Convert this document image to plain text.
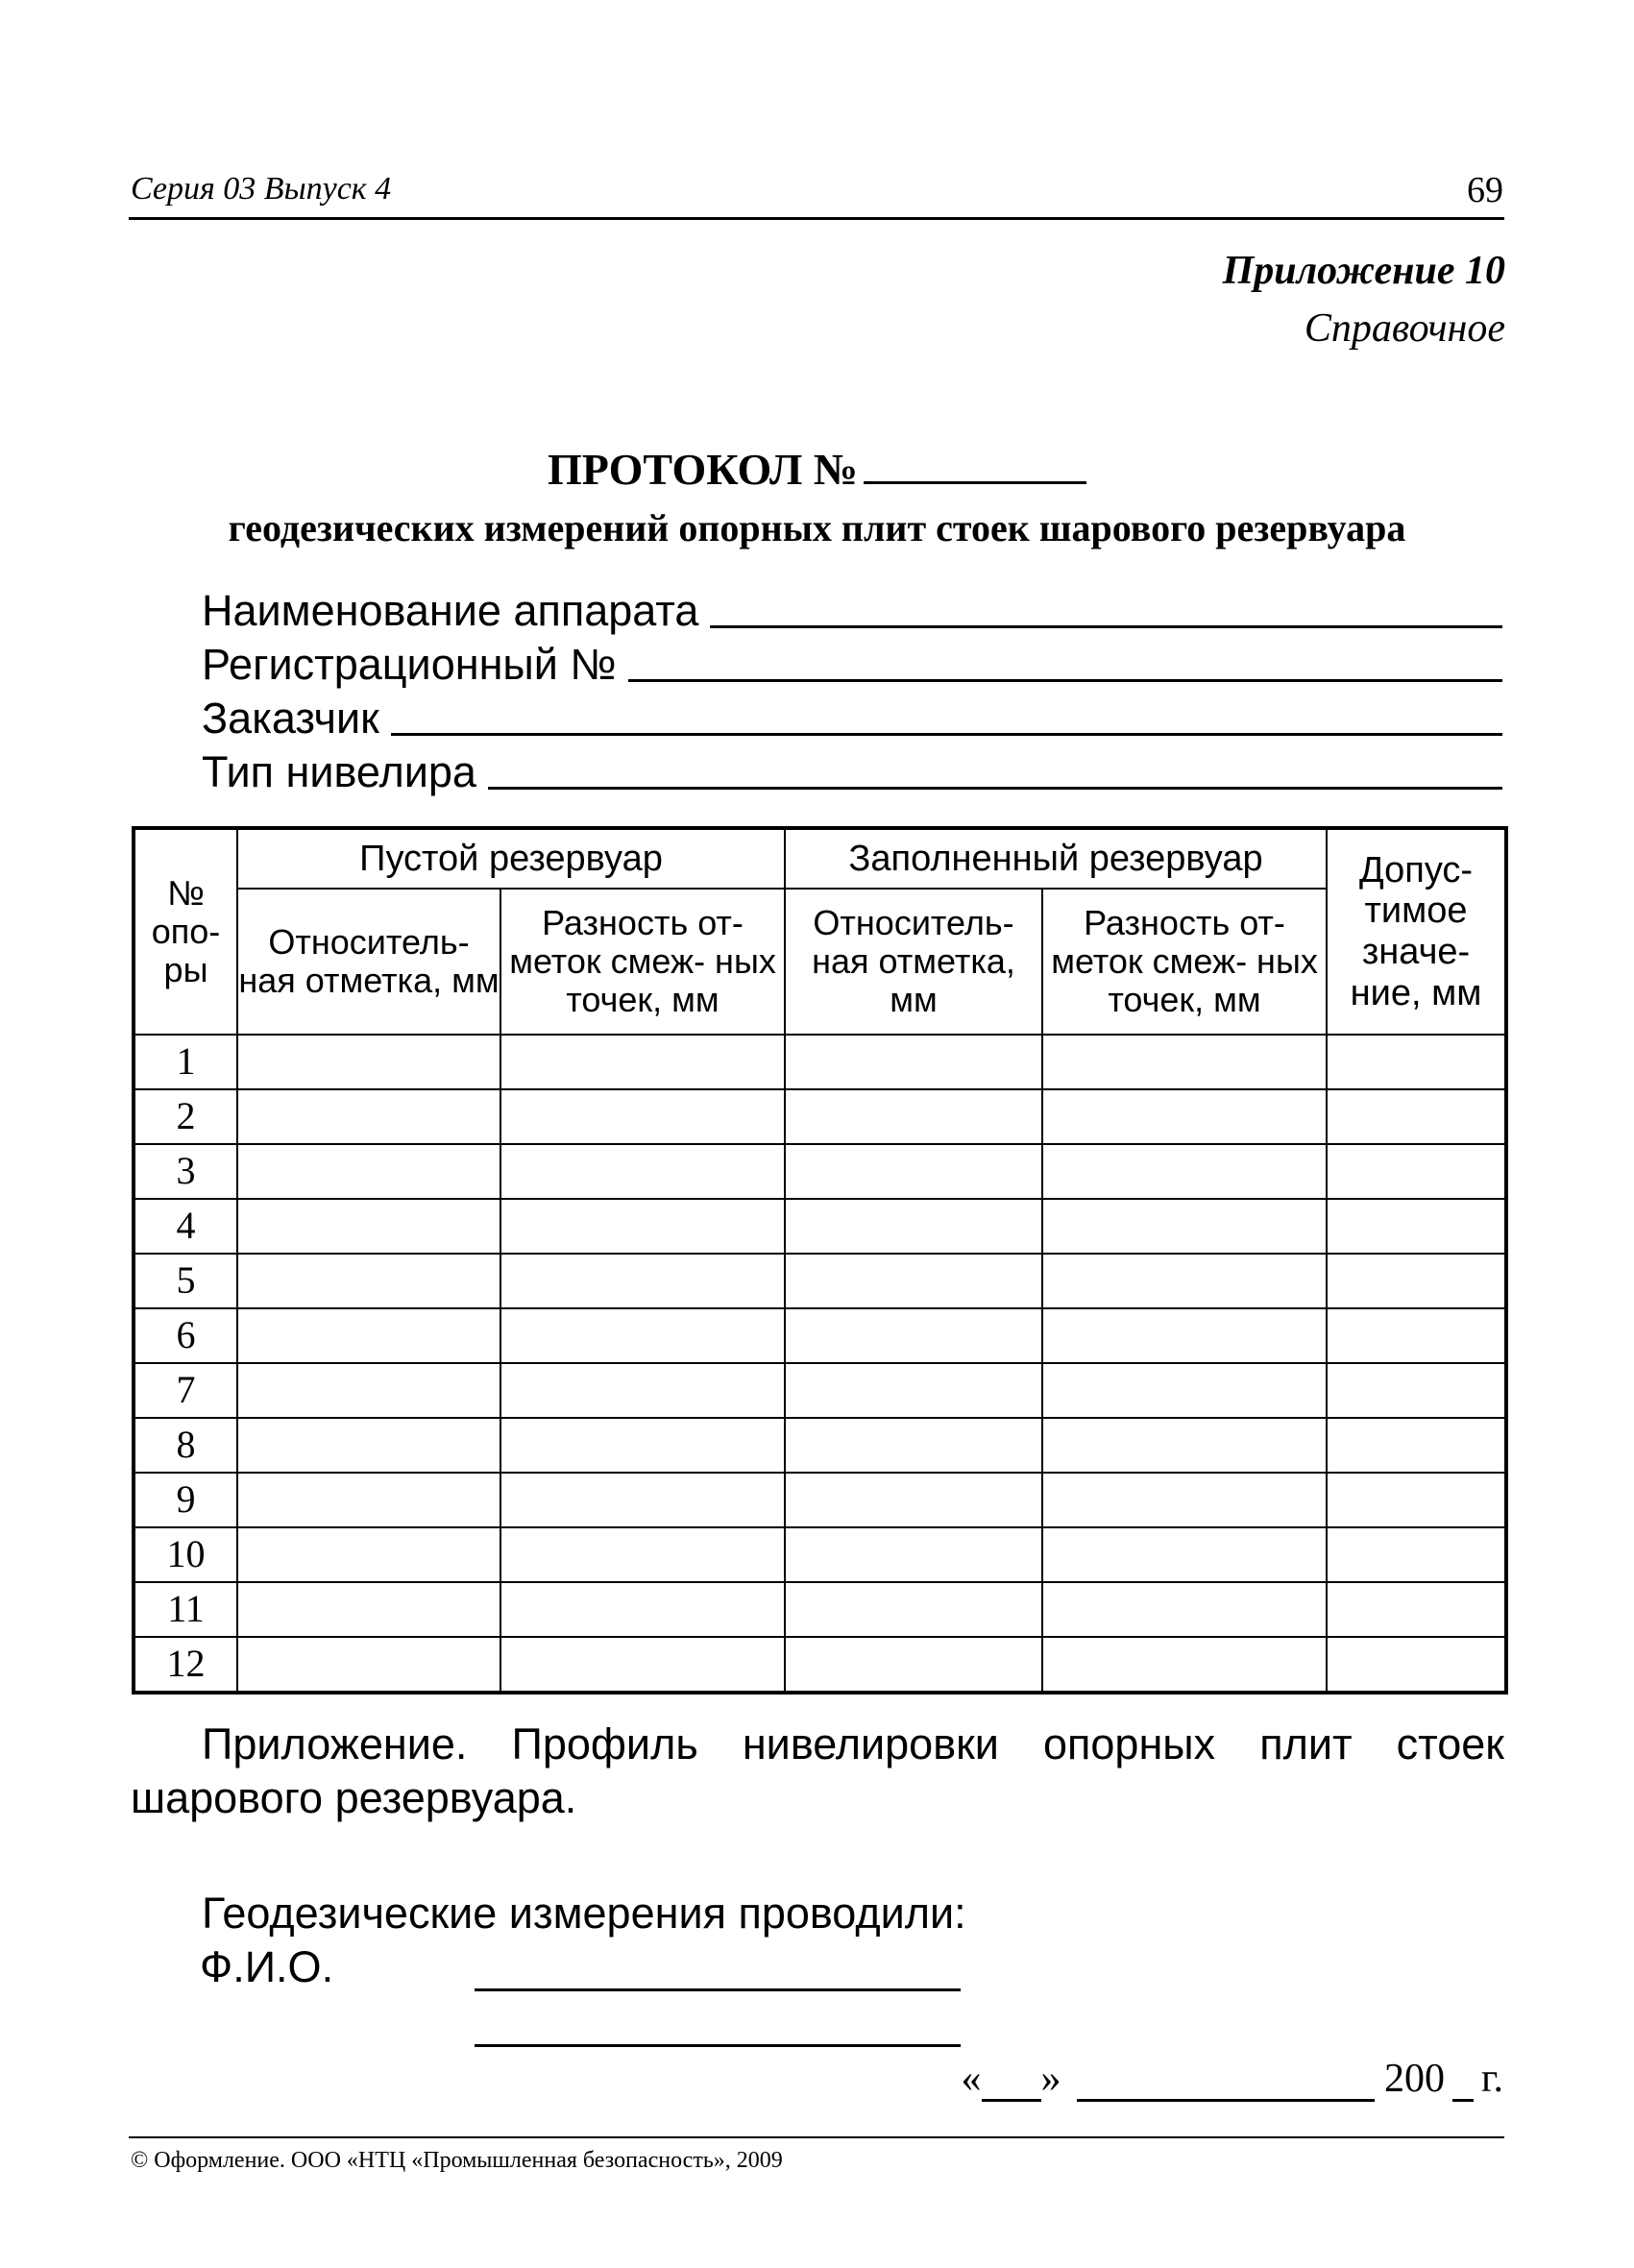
Серия 03 Выпуск 4	69
Приложение 10
Справочное
ПРОТОКОЛ №
геодезических измерений опорных плит стоек шарового резервуара
Наименование аппарата
Регистрационный №
Заказчик
Тип нивелира
№ опо- ры	Пустой резервуар		Заполненный резервуар		Допус- тимое значе- ние, мм
	Относитель- ная отметка, мм	Разность от- меток смеж- ных точек, мм	Относитель- ная отметка, мм	Разность от- меток смеж- ных точек, мм	
1					
2					
3					
4					
5					
6					
7					
8					
9					
10					
11					
12					
Приложение. Профиль нивелировки опорных плит стоек шарового резервуара.
Геодезические измерения проводили:
Ф.И.О.
« »
	200 г.
© Оформление. ООО «НТЦ «Промышленная безопасность», 2009
